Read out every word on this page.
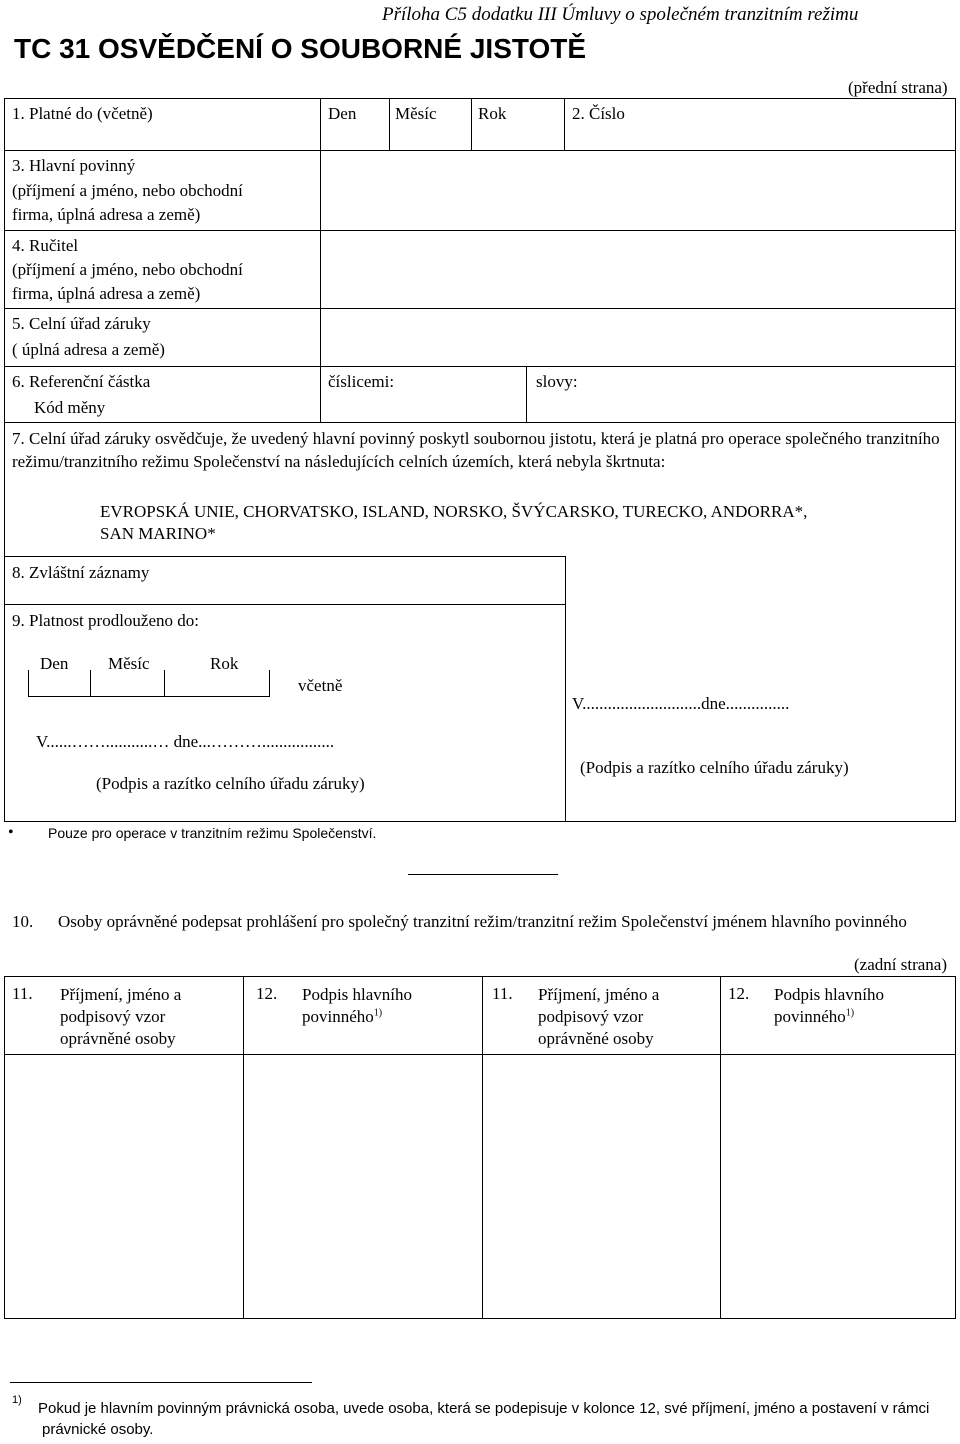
Příloha C5 dodatku III Úmluvy o společném tranzitním režimu
TC 31 OSVĚDČENÍ O SOUBORNÉ JISTOTĚ
(přední strana)
1. Platné do (včetně)	Den Měsíc Rok	2. Číslo
3. Hlavní povinný
(příjmení a jméno, nebo obchodní
firma, úplná adresa a země)
4. Ručitel
(příjmení a jméno, nebo obchodní
firma, úplná adresa a země)
5. Celní úřad záruky
( úplná adresa a země)
6. Referenční částka
Kód měny
číslicemi:	slovy:
7. Celní úřad záruky osvědčuje, že uvedený hlavní povinný poskytl soubornou jistotu, která je platná pro operace společného tranzitního režimu/tranzitního režimu Společenství na následujících celních územích, která nebyla škrtnuta:
EVROPSKÁ UNIE, CHORVATSKO, ISLAND, NORSKO, ŠVÝCARSKO, TURECKO, ANDORRA*,
SAN MARINO*
8. Zvláštní záznamy
9. Platnost prodlouženo do:
Den Měsíc	Rok
včetně
V......……...........… dne...……….................
(Podpis a razítko celního úřadu záruky)
V............................dne...............
(Podpis a razítko celního úřadu záruky)
• Pouze pro operace v tranzitním režimu Společenství.
10. Osoby oprávněné podepsat prohlášení pro společný tranzitní režim/tranzitní režim Společenství jménem hlavního povinného
(zadní strana)
11. Příjmení, jméno a podpisový vzor oprávněné osoby
12. Podpis hlavního povinného$^{1)}$
11. Příjmení, jméno a podpisový vzor oprávněné osoby
12. Podpis hlavního povinného$^{1)}$
1) Pokud je hlavním povinným právnická osoba, uvede osoba, která se podepisuje v kolonce 12, své příjmení, jméno a postavení v rámci právnické osoby.
